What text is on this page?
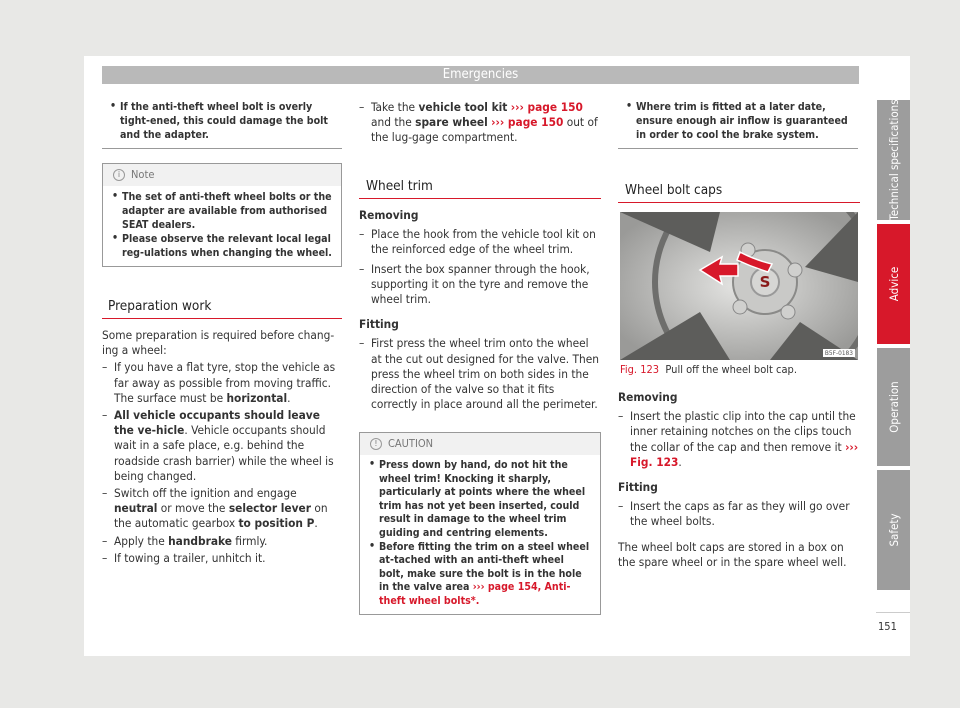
Emergencies
• If the anti-theft wheel bolt is overly tight-ened, this could damage the bolt and the adapter.
i	Note
• The set of anti-theft wheel bolts or the adapter are available from authorised SEAT dealers.
• Please observe the relevant local legal reg-ulations when changing the wheel.
Preparation work

Some preparation is required before chang-ing a wheel:

– If you have a flat tyre, stop the vehicle as far away as possible from moving traffic. The surface must be horizontal.

– All vehicle occupants should leave the ve-hicle. Vehicle occupants should wait in a safe place, e.g. behind the roadside crash barrier) while the wheel is being changed.

– Switch off the ignition and engage neutral or move the selector lever on the automatic gearbox to position P.

– Apply the handbrake firmly.

– If towing a trailer, unhitch it.

– Take the vehicle tool kit ››› page 150 and the spare wheel ››› page 150 out of the lug-gage compartment.

Wheel trim

Removing

– Place the hook from the vehicle tool kit on the reinforced edge of the wheel trim.

– Insert the box spanner through the hook, supporting it on the tyre and remove the wheel trim.

Fitting

– First press the wheel trim onto the wheel at the cut out designed for the valve. Then press the wheel trim on both sides in the direction of the valve so that it fits correctly in place around all the perimeter.

! CAUTION
• Press down by hand, do not hit the wheel trim! Knocking it sharply, particularly at points where the wheel trim has not yet been inserted, could result in damage to the wheel trim guiding and centring elements.
• Before fitting the trim on a steel wheel at-tached with an anti-theft wheel bolt, make sure the bolt is in the hole in the valve area ››› page 154, Anti-theft wheel bolts*.
• Where trim is fitted at a later date, ensure enough air inflow is guaranteed in order to cool the brake system.
Wheel bolt caps
S
B5F-0183
Fig. 123 Pull off the wheel bolt cap.

Removing

– Insert the plastic clip into the cap until the inner retaining notches on the clips touch the collar of the cap and then remove it ››› Fig. 123.

Fitting

– Insert the caps as far as they will go over the wheel bolts.

The wheel bolt caps are stored in a box on the spare wheel or in the spare wheel well.

Technical specifications
Advice
Operation
Safety
151
